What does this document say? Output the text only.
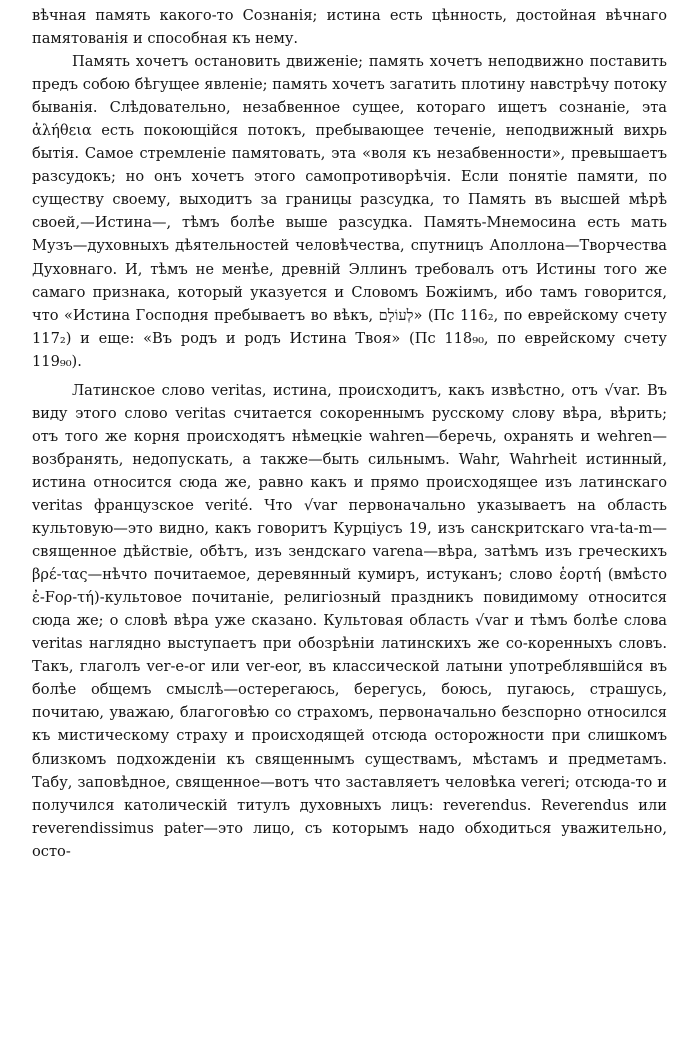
вѣчная память какого-то Сознанія; истина есть цѣнность, достойная вѣчнаго памятованія и способная къ нему.

Память хочетъ остановить движеніе; память хочетъ неподвижно поставить предъ собою бѣгущее явленіе; память хочетъ загатить плотину навстрѣчу потоку быванія. Слѣдовательно, незабвенное сущее, котораго ищетъ сознаніе, эта ἀλήθεια есть покоющійся потокъ, пребывающее теченіе, неподвижный вихрь бытія. Самое стремленіе памятовать, эта «воля къ незабвенности», превышаетъ разсудокъ; но онъ хочетъ этого самопротиворѣчія. Если понятіе памяти, по существу своему, выходитъ за границы разсудка, то Память въ высшей мѣрѣ своей,—Истина—, тѣмъ болѣе выше разсудка. Память-Мнемосина есть мать Музъ—духовныхъ дѣятельностей человѣчества, спутницъ Аполлона—Творчества Духовнаго. И, тѣмъ не менѣе, древній Эллинъ требовалъ отъ Истины того же самаго признака, который указуется и Словомъ Божіимъ, ибо тамъ говорится, что «Истина Господня пребываетъ во вѣкъ, לְעוֹלָם» (Пс 116₂, по еврейскому счету 117₂) и еще: «Въ родъ и родъ Истина Твоя» (Пс 118₉₀, по еврейскому счету 119₉₀).

Латинское слово veritas, истина, происходитъ, какъ извѣстно, отъ √var. Въ виду этого слово veritas считается сокореннымъ русскому слову вѣра, вѣрить; отъ того же корня происходятъ нѣмецкіе wahren—беречь, охранять и wehren—возбранять, недопускать, а также—быть сильнымъ. Wahr, Wahrheit истинный, истина относится сюда же, равно какъ и прямо происходящее изъ латинскаго veritas французское verité. Что √var первоначально указываетъ на область культовую—это видно, какъ говоритъ Курціусъ 19, изъ санскритскаго vra-ta-m—священное дѣйствіе, обѣтъ, изъ зендскаго varena—вѣра, затѣмъ изъ греческихъ βρέ-τας—нѣчто почитаемое, деревянный кумиръ, истуканъ; слово ἑορτή (вмѣсто ἐ-Fορ-τή)-культовое почитаніе, религіозный праздникъ повидимому относится сюда же; о словѣ вѣра уже сказано. Культовая область √var и тѣмъ болѣе слова veritas наглядно выступаетъ при обозрѣніи латинскихъ же со-коренныхъ словъ. Такъ, глаголъ ver-e-or или ver-eor, въ классической латыни употреблявшійся въ болѣе общемъ смыслѣ—остерегаюсь, берегусь, боюсь, пугаюсь, страшусь, почитаю, уважаю, благоговѣю со страхомъ, первоначально безспорно относился къ мистическому страху и происходящей отсюда осторожности при слишкомъ близкомъ подхожденіи къ священнымъ существамъ, мѣстамъ и предметамъ. Табу, заповѣдное, священное—вотъ что заставляетъ человѣка vereri; отсюда-то и получился католическій титулъ духовныхъ лицъ: reverendus. Reverendus или reverendissimus pater—это лицо, съ которымъ надо обходиться уважительно, осто-
